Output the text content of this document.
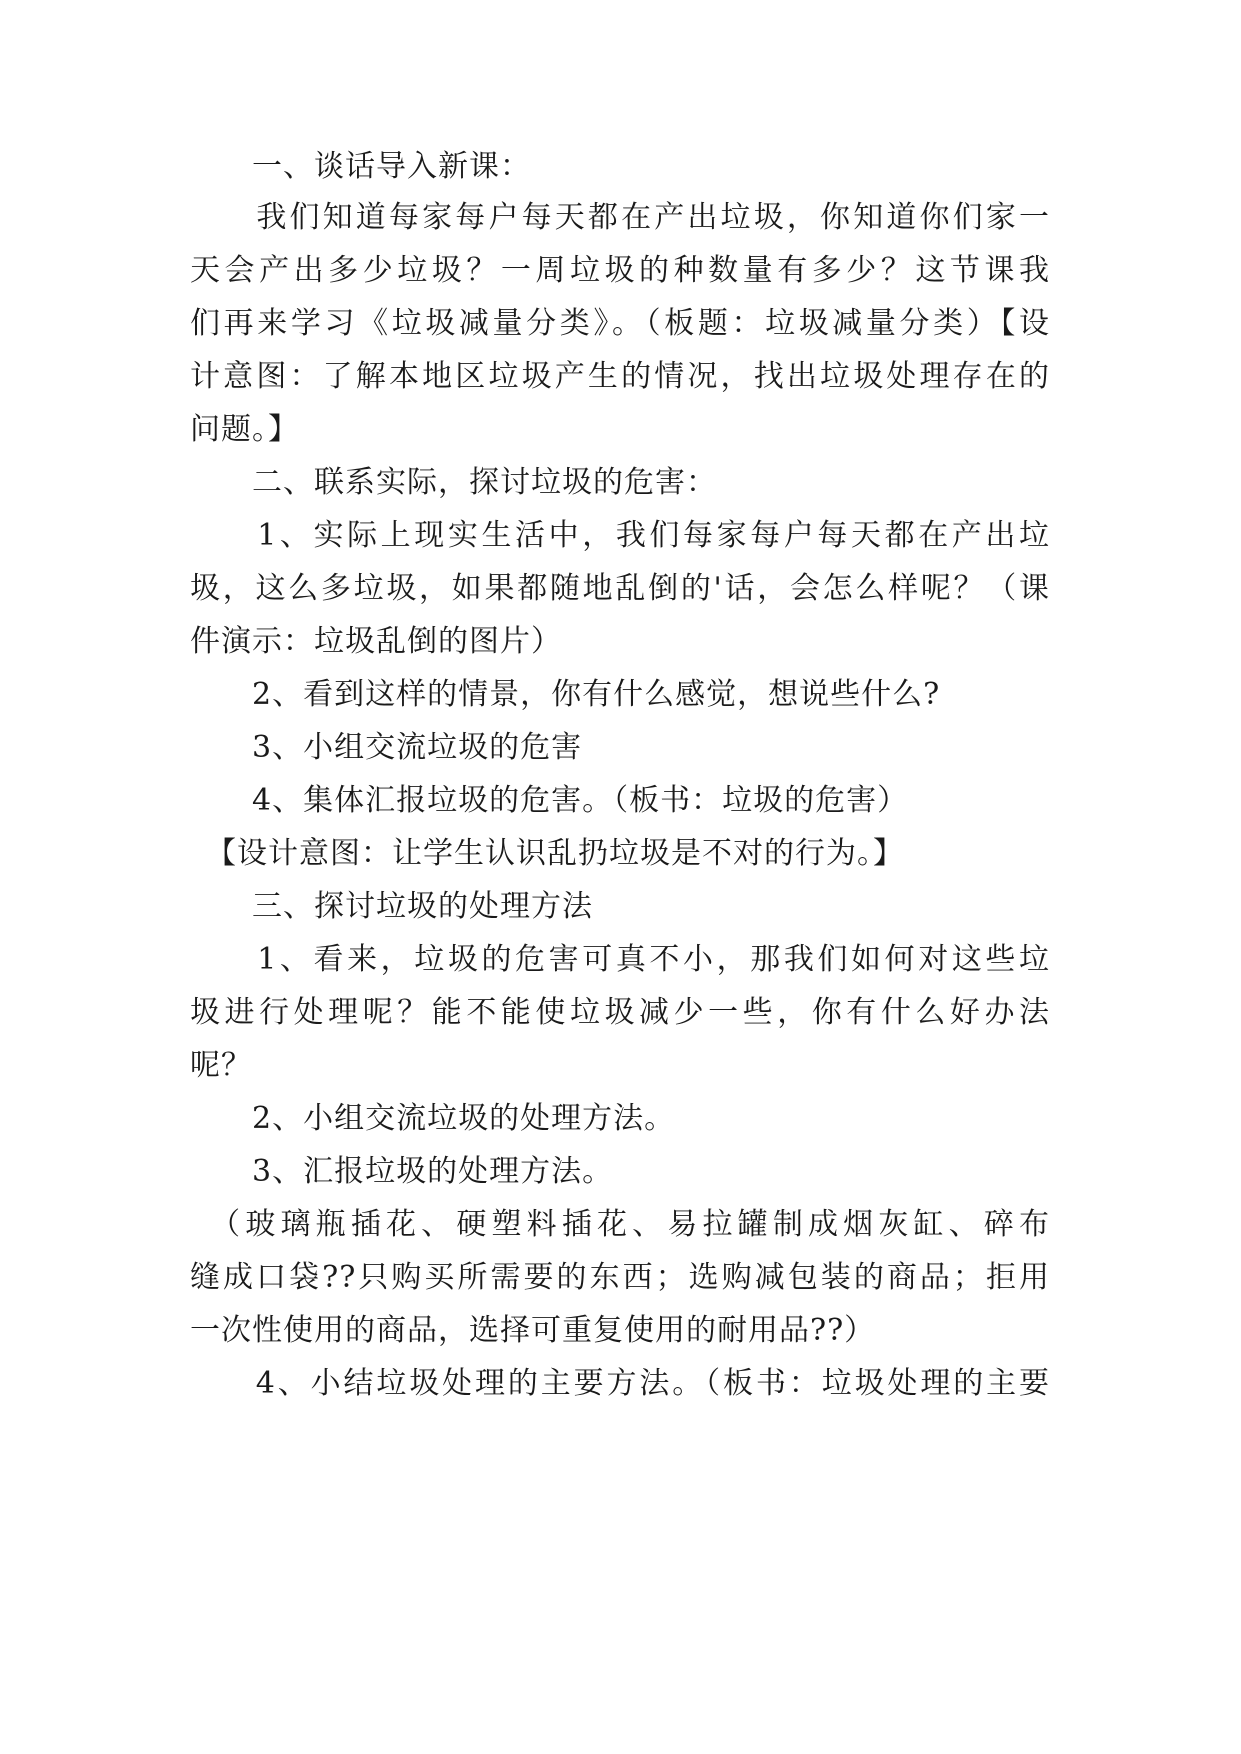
　　一、谈话导入新课：
　　我们知道每家每户每天都在产出垃圾，你知道你们家一
天会产出多少垃圾？一周垃圾的种数量有多少？这节课我
们再来学习《垃圾减量分类》。（板题：垃圾减量分类）【设
计意图：了解本地区垃圾产生的情况，找出垃圾处理存在的
问题。】
　　二、联系实际，探讨垃圾的危害：
　　1、实际上现实生活中，我们每家每户每天都在产出垃
圾，这么多垃圾，如果都随地乱倒的'话，会怎么样呢？（课
件演示：垃圾乱倒的图片）
　　2、看到这样的情景，你有什么感觉，想说些什么?
　　3、小组交流垃圾的危害
　　4、集体汇报垃圾的危害。（板书：垃圾的危害）
　【设计意图：让学生认识乱扔垃圾是不对的行为。】
　　三、探讨垃圾的处理方法
　　1、看来，垃圾的危害可真不小，那我们如何对这些垃
圾进行处理呢？能不能使垃圾减少一些，你有什么好办法
呢？
　　2、小组交流垃圾的处理方法。
　　3、汇报垃圾的处理方法。
　（玻璃瓶插花、硬塑料插花、易拉罐制成烟灰缸、碎布
缝成口袋??只购买所需要的东西；选购减包装的商品；拒用
一次性使用的商品，选择可重复使用的耐用品??）
　　4、小结垃圾处理的主要方法。（板书：垃圾处理的主要
